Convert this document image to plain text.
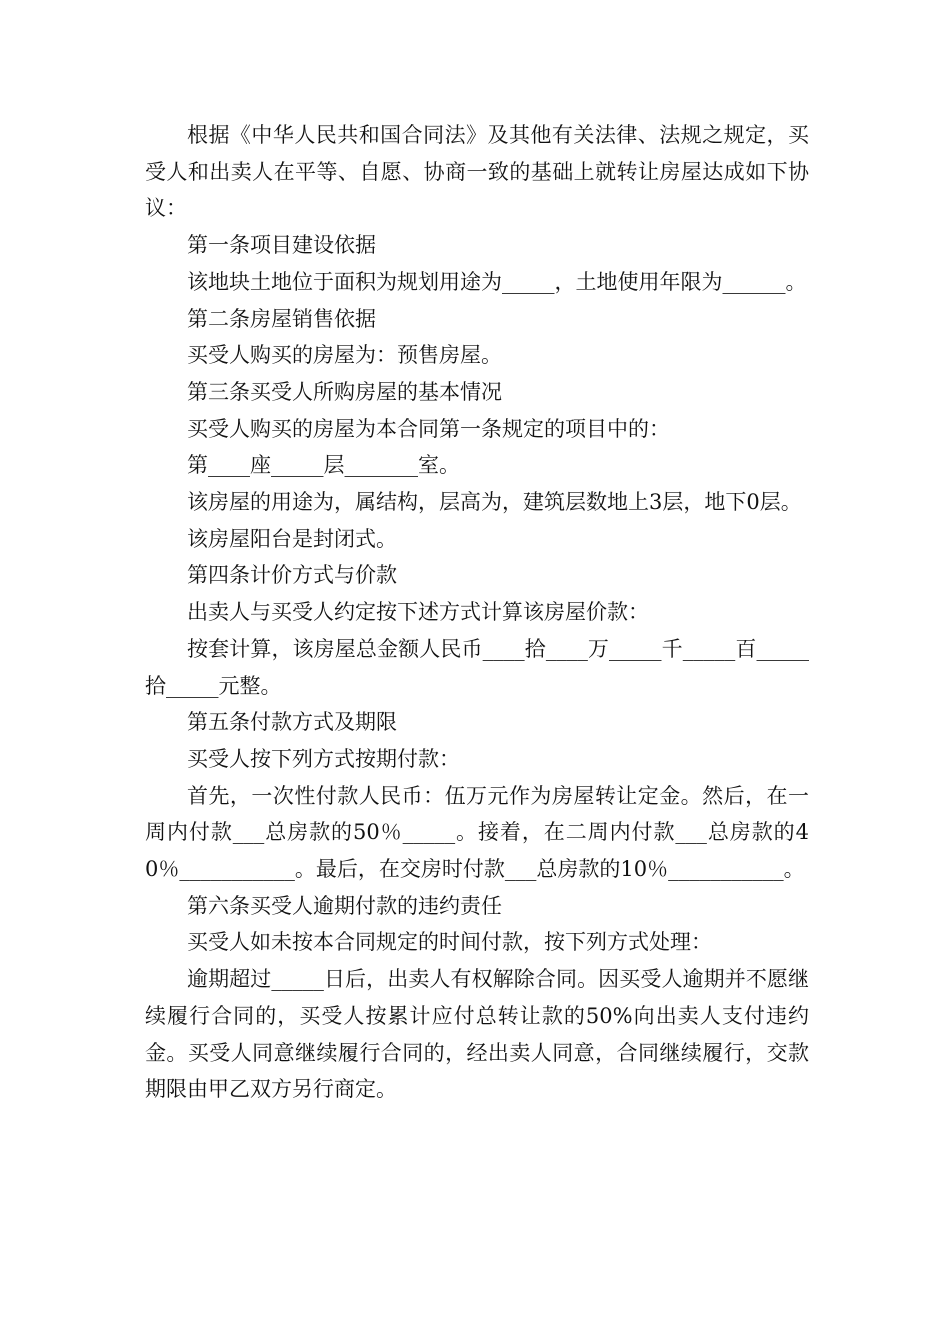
根据《中华人民共和国合同法》及其他有关法律、法规之规定，买受人和出卖人在平等、自愿、协商一致的基础上就转让房屋达成如下协议：

第一条项目建设依据

该地块土地位于面积为规划用途为_____，土地使用年限为______。

第二条房屋销售依据

买受人购买的房屋为：预售房屋。

第三条买受人所购房屋的基本情况

买受人购买的房屋为本合同第一条规定的项目中的：

第____座_____层_______室。

该房屋的用途为，属结构，层高为，建筑层数地上3层，地下0层。

该房屋阳台是封闭式。

第四条计价方式与价款

出卖人与买受人约定按下述方式计算该房屋价款：

按套计算，该房屋总金额人民币____拾____万_____千_____百_____拾_____元整。

第五条付款方式及期限

买受人按下列方式按期付款：

首先，一次性付款人民币：伍万元作为房屋转让定金。然后，在一周内付款___总房款的50％_____。接着，在二周内付款___总房款的40％___________。最后，在交房时付款___总房款的10％___________。

第六条买受人逾期付款的违约责任

买受人如未按本合同规定的时间付款，按下列方式处理：

逾期超过_____日后，出卖人有权解除合同。因买受人逾期并不愿继续履行合同的，买受人按累计应付总转让款的50%向出卖人支付违约金。买受人同意继续履行合同的，经出卖人同意，合同继续履行，交款期限由甲乙双方另行商定。
